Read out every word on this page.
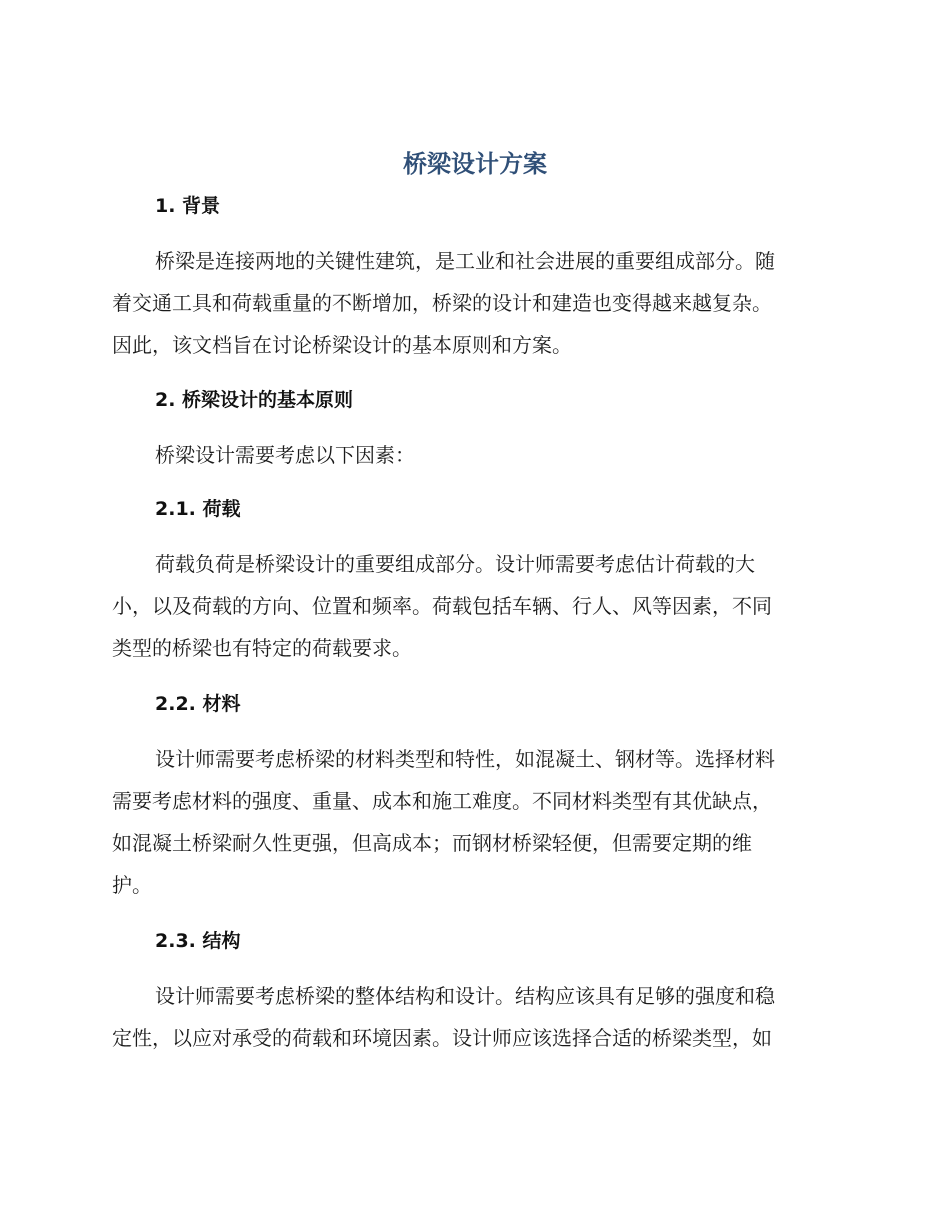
桥梁设计方案
1. 背景
桥梁是连接两地的关键性建筑，是工业和社会进展的重要组成部分。随
着交通工具和荷载重量的不断增加，桥梁的设计和建造也变得越来越复杂。
因此，该文档旨在讨论桥梁设计的基本原则和方案。
2. 桥梁设计的基本原则
桥梁设计需要考虑以下因素：
2.1. 荷载
荷载负荷是桥梁设计的重要组成部分。设计师需要考虑估计荷载的大
小，以及荷载的方向、位置和频率。荷载包括车辆、行人、风等因素，不同
类型的桥梁也有特定的荷载要求。
2.2. 材料
设计师需要考虑桥梁的材料类型和特性，如混凝土、钢材等。选择材料
需要考虑材料的强度、重量、成本和施工难度。不同材料类型有其优缺点，
如混凝土桥梁耐久性更强，但高成本；而钢材桥梁轻便，但需要定期的维
护。
2.3. 结构
设计师需要考虑桥梁的整体结构和设计。结构应该具有足够的强度和稳
定性，以应对承受的荷载和环境因素。设计师应该选择合适的桥梁类型，如
